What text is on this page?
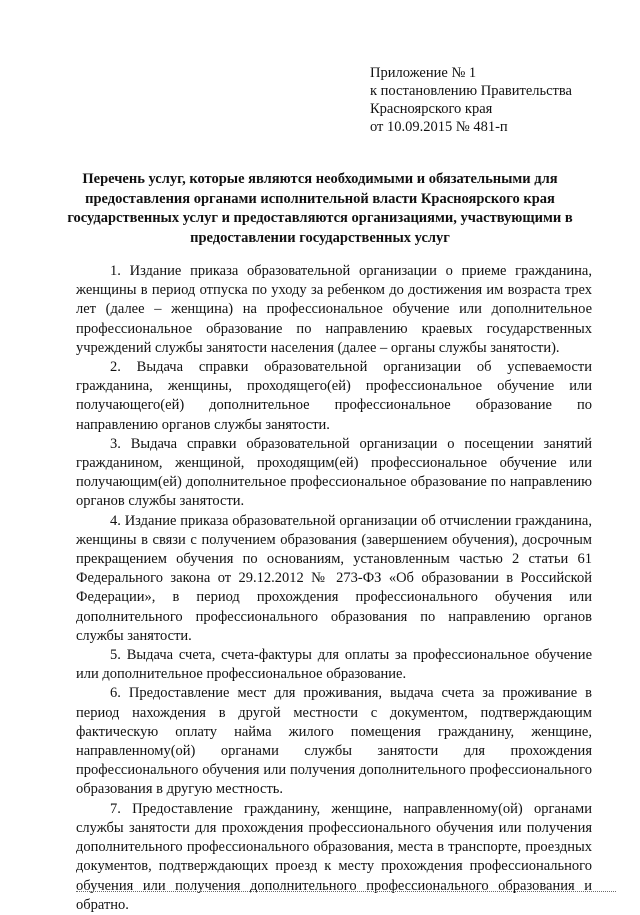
Приложение № 1
к постановлению Правительства
Красноярского края
от 10.09.2015 № 481-п
Перечень услуг, которые являются необходимыми и обязательными для предоставления органами исполнительной власти Красноярского края государственных услуг и предоставляются организациями, участвующими в предоставлении государственных услуг

1. Издание приказа образовательной организации о приеме гражданина, женщины в период отпуска по уходу за ребенком до достижения им возраста трех лет (далее – женщина) на профессиональное обучение или дополнительное профессиональное образование по направлению краевых государственных учреждений службы занятости населения (далее – органы службы занятости).

2. Выдача справки образовательной организации об успеваемости гражданина, женщины, проходящего(ей) профессиональное обучение или получающего(ей) дополнительное профессиональное образование по направлению органов службы занятости.

3. Выдача справки образовательной организации о посещении занятий гражданином, женщиной, проходящим(ей) профессиональное обучение или получающим(ей) дополнительное профессиональное образование по направлению органов службы занятости.

4. Издание приказа образовательной организации об отчислении гражданина, женщины в связи с получением образования (завершением обучения), досрочным прекращением обучения по основаниям, установленным частью 2 статьи 61 Федерального закона от 29.12.2012 № 273-ФЗ «Об образовании в Российской Федерации», в период прохождения профессионального обучения или дополнительного профессионального образования по направлению органов службы занятости.

5. Выдача счета, счета-фактуры для оплаты за профессиональное обучение или дополнительное профессиональное образование.

6. Предоставление мест для проживания, выдача счета за проживание в период нахождения в другой местности с документом, подтверждающим фактическую оплату найма жилого помещения гражданину, женщине, направленному(ой) органами службы занятости для прохождения профессионального обучения или получения дополнительного профессионального образования в другую местность.

7. Предоставление гражданину, женщине, направленному(ой) органами службы занятости для прохождения профессионального обучения или получения дополнительного профессионального образования, места в транспорте, проездных документов, подтверждающих проезд к месту прохождения профессионального обучения или получения дополнительного профессионального образования и обратно.
